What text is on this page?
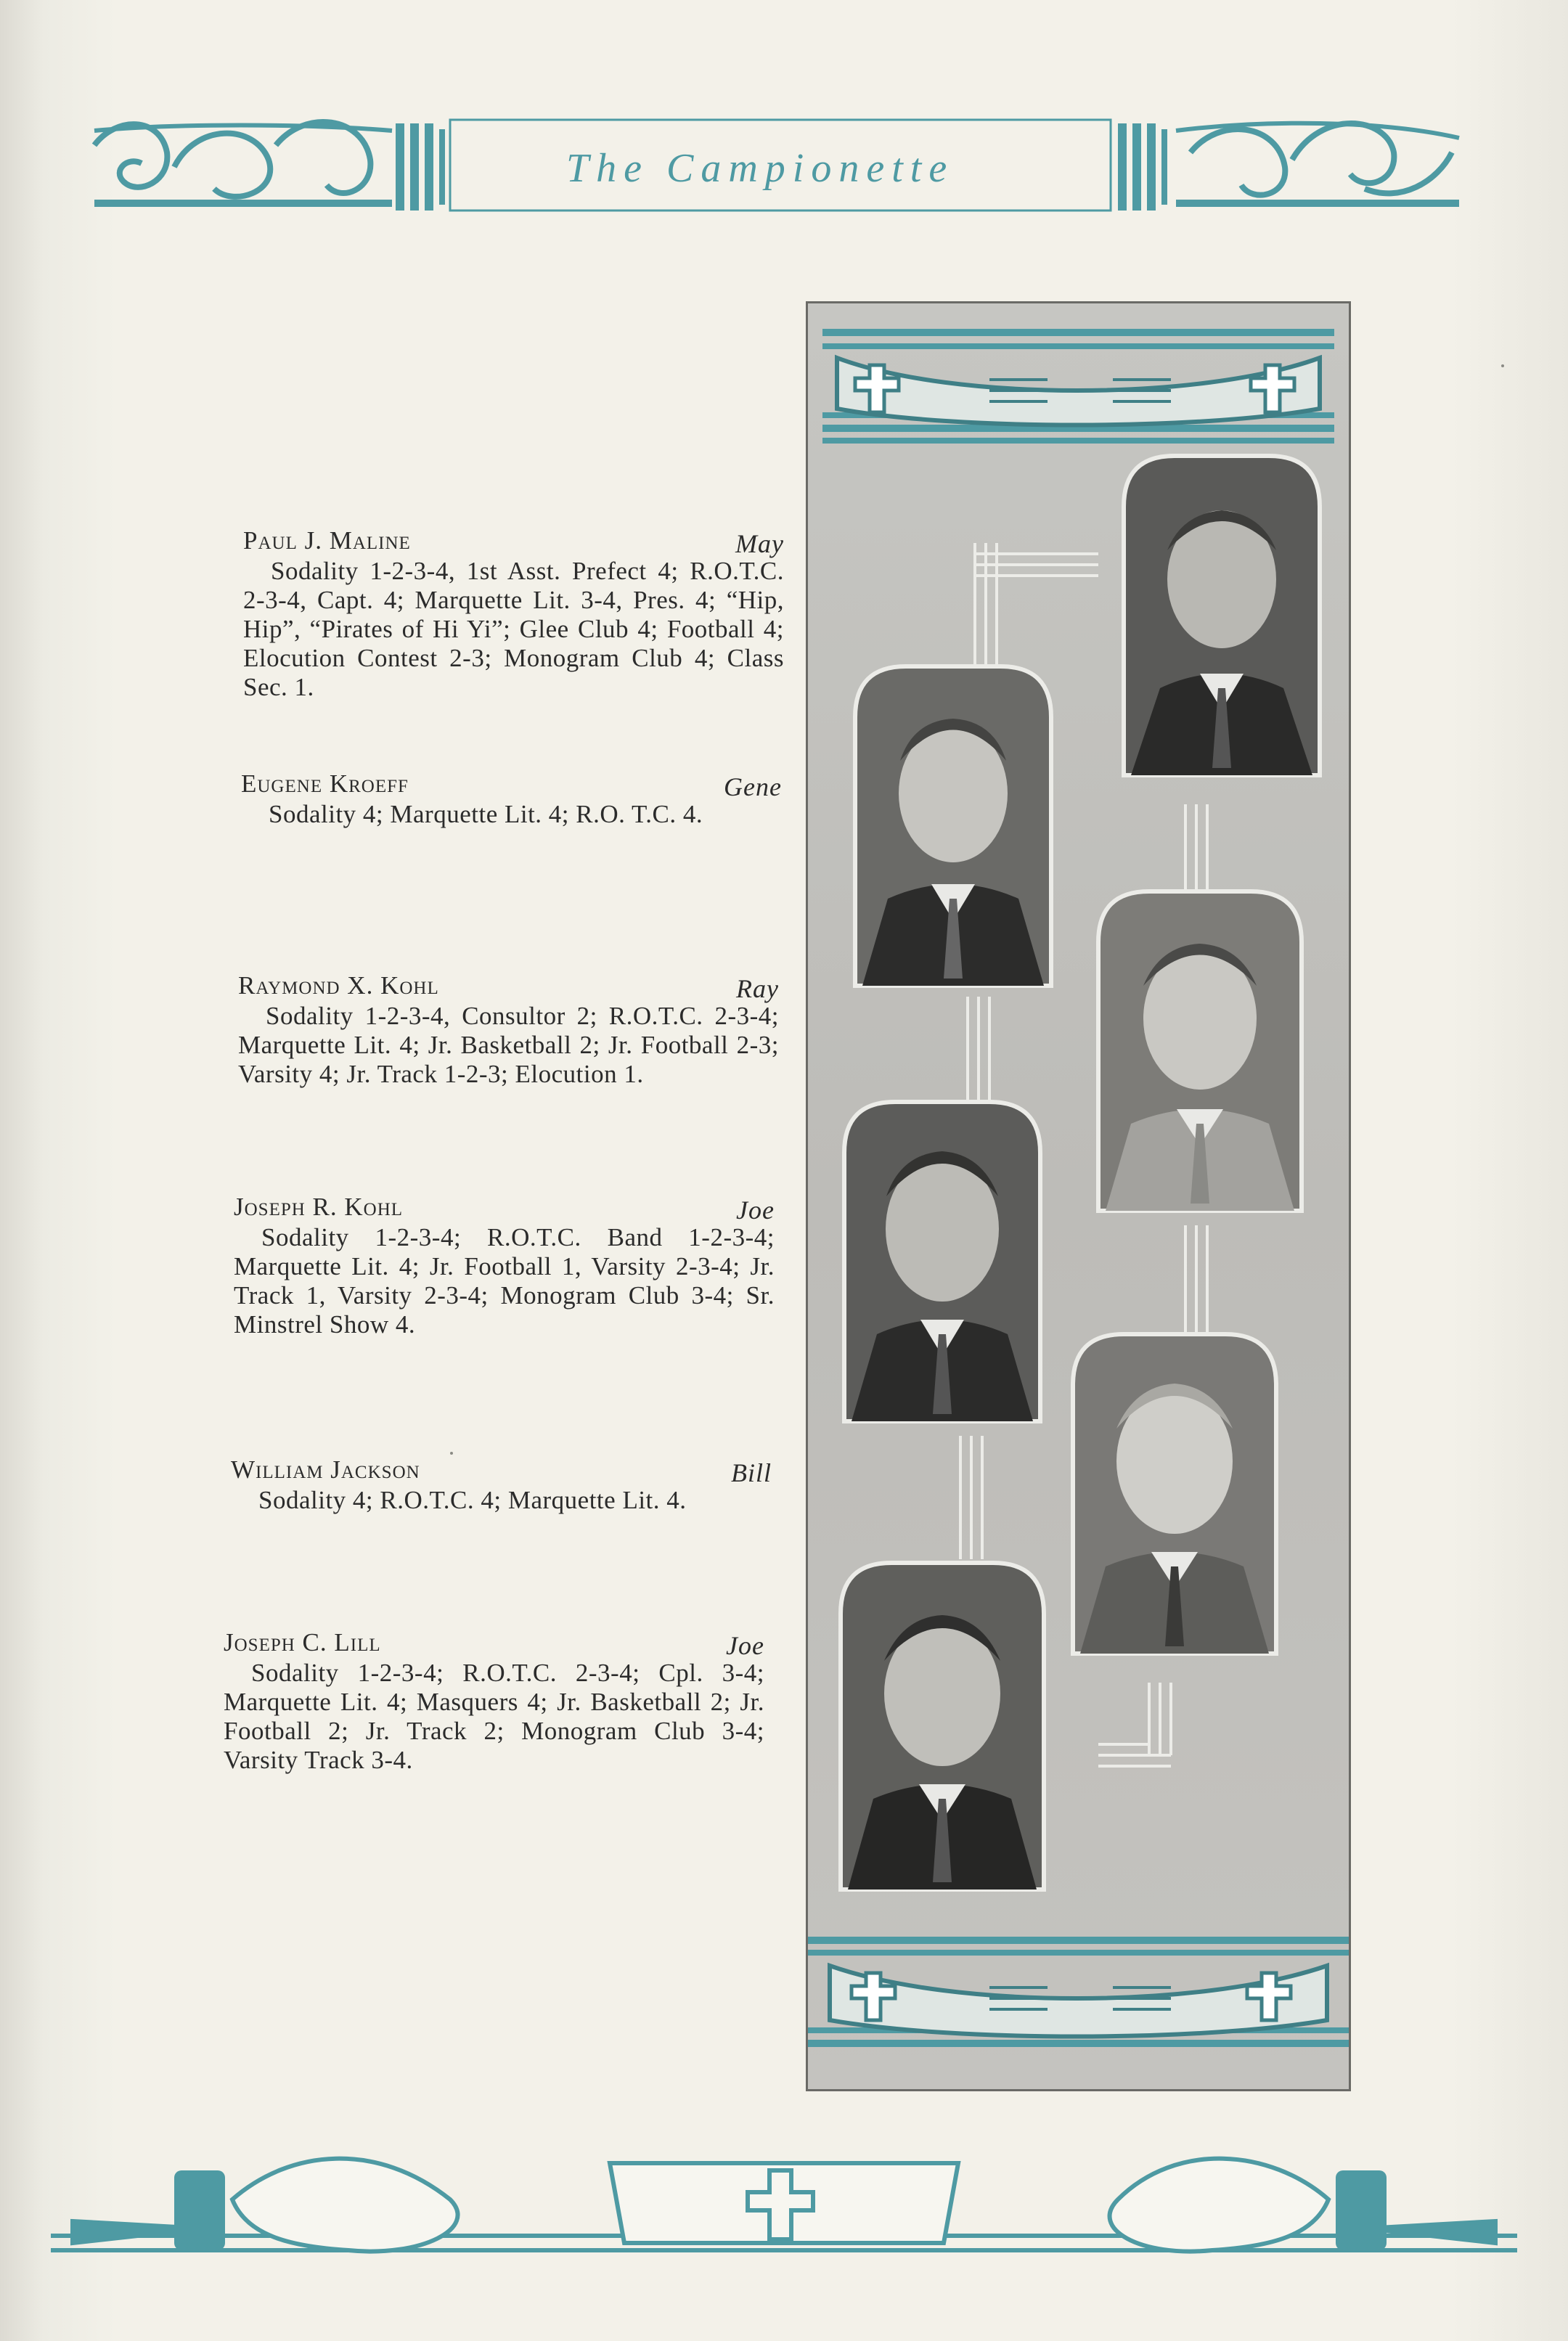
The Campionette
Paul J. Maline	May
Sodality 1-2-3-4, 1st Asst. Prefect 4; R.O.T.C. 2-3-4, Capt. 4; Marquette Lit. 3-4, Pres. 4; “Hip, Hip”, “Pirates of Hi Yi”; Glee Club 4; Football 4; Elocution Contest 2-3; Monogram Club 4; Class Sec. 1.
Eugene Kroeff	Gene
Sodality 4; Marquette Lit. 4; R.O. T.C. 4.
Raymond X. Kohl	Ray
Sodality 1-2-3-4, Consultor 2; R.O.T.C. 2-3-4; Marquette Lit. 4; Jr. Basketball 2; Jr. Football 2-3; Varsity 4; Jr. Track 1-2-3; Elocution 1.
Joseph R. Kohl	Joe
Sodality 1-2-3-4; R.O.T.C. Band 1-2-3-4; Marquette Lit. 4; Jr. Football 1, Varsity 2-3-4; Jr. Track 1, Varsity 2-3-4; Monogram Club 3-4; Sr. Minstrel Show 4.
William Jackson	Bill
Sodality 4; R.O.T.C. 4; Marquette Lit. 4.
Joseph C. Lill	Joe
Sodality 1-2-3-4; R.O.T.C. 2-3-4; Cpl. 3-4; Marquette Lit. 4; Masquers 4; Jr. Basketball 2; Jr. Football 2; Jr. Track 2; Monogram Club 3-4; Varsity Track 3-4.
